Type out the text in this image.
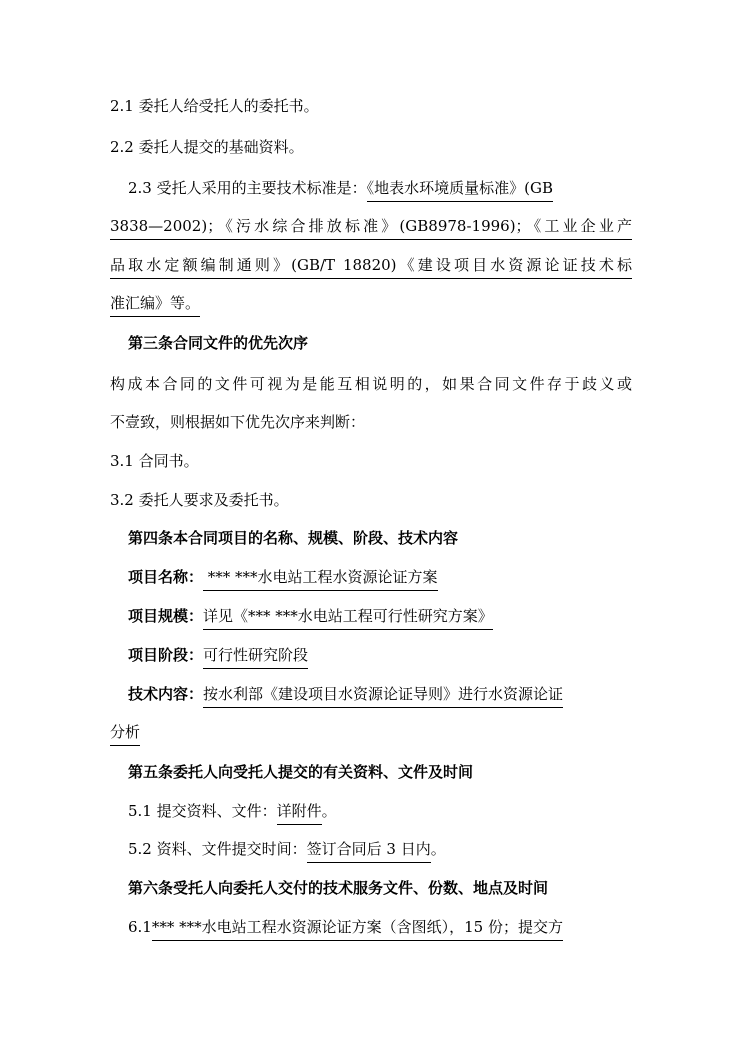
2.1 委托人给受托人的委托书。
2.2 委托人提交的基础资料。
2.3 受托人采用的主要技术标准是：《地表水环境质量标准》(GB
3838—2002)；《污水综合排放标准》(GB8978-1996)；《工业企业产
品取水定额编制通则》(GB/T 18820)《建设项目水资源论证技术标
准汇编》等。
第三条合同文件的优先次序
构成本合同的文件可视为是能互相说明的，如果合同文件存于歧义或
不壹致，则根据如下优先次序来判断：
3.1 合同书。
3.2 委托人要求及委托书。
第四条本合同项目的名称、规模、阶段、技术内容
项目名称： *** ***水电站工程水资源论证方案
项目规模：详见《*** ***水电站工程可行性研究方案》
项目阶段：可行性研究阶段
技术内容：按水利部《建设项目水资源论证导则》进行水资源论证
分析
第五条委托人向受托人提交的有关资料、文件及时间
5.1 提交资料、文件：详附件。
5.2 资料、文件提交时间：签订合同后 3 日内。
第六条受托人向委托人交付的技术服务文件、份数、地点及时间
6.1*** ***水电站工程水资源论证方案（含图纸），15 份；提交方
